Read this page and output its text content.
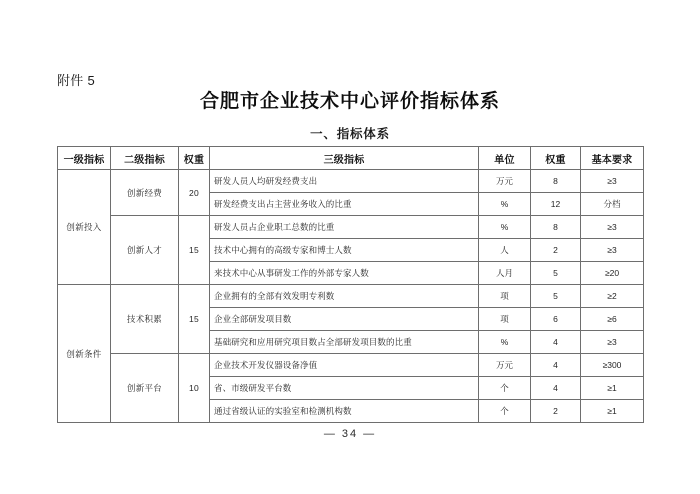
附件 5
合肥市企业技术中心评价指标体系
一、指标体系
一级指标	二级指标	权重	三级指标	单位	权重	基本要求
创新投入	创新经费	20	研发人员人均研发经费支出	万元	8	≥3
			研发经费支出占主营业务收入的比重	%	12	分档
	创新人才	15	研发人员占企业职工总数的比重	%	8	≥3
			技术中心拥有的高级专家和博士人数	人	2	≥3
			来技术中心从事研发工作的外部专家人数	人月	5	≥20
创新条件	技术积累	15	企业拥有的全部有效发明专利数	项	5	≥2
			企业全部研发项目数	项	6	≥6
			基础研究和应用研究项目数占全部研发项目数的比重	%	4	≥3
	创新平台	10	企业技术开发仪器设备净值	万元	4	≥300
			省、市级研发平台数	个	4	≥1
			通过省级认证的实验室和检测机构数	个	2	≥1
— 34 —
